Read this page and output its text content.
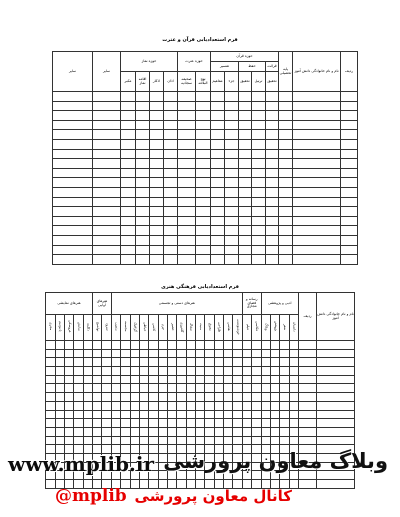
فرم استعدادیابی قرآن و عترت
ردیف	نام و نام خانوادگی دانش آموز	پایه تحصیلی	حوزه قرآن					حوزه عترت		حوزه نماز				سایر	سایر	
			قرائت	حفظ		تفسیر										
			تحقیق	ترتیل	تحقیق	جزء	مفاهیم	نهج البلاغه	صحیفه سجادیه	اذان	اذکار	اقامه نماز	مکبر	

فرم استعدادیابی فرهنگی هنری
نام و نام خانوادگی دانش آموز	ردیف	ادبی و پژوهشی				رسانه و فضای مجازی		هنرهای دستی و تجسمی														هنرهای آوایی		هنرهای نمایشی				
		داستان	شعر	پژوهش	وبلاگ	عکاسی	فیلم	خوشنویسی	نقاشی	طراحی	معرق	منبت	سفال	گلدوزی	حصیر	چرم	کاشی	خیاطی	گرافیک	مجسمه	تذهیب	سرود	تواشیح	دکلمه	نمایش	عروسکی	پانتومیم	مجری

www.mplib.ir وبلاگ معاون پرورشی
کانال معاون پرورشی
@mplib
